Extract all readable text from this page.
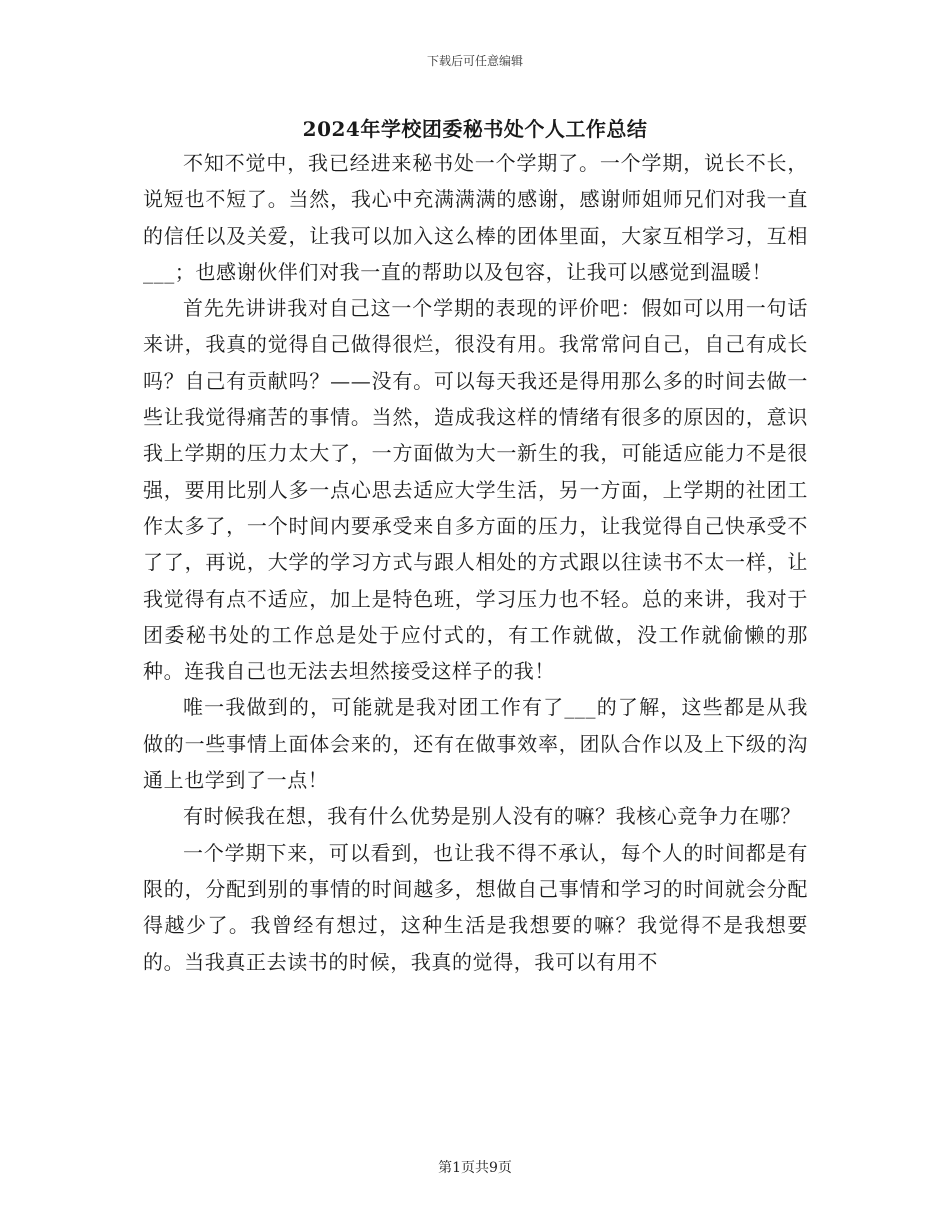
下载后可任意编辑
2024年学校团委秘书处个人工作总结

不知不觉中，我已经进来秘书处一个学期了。一个学期，说长不长，说短也不短了。当然，我心中充满满满的感谢，感谢师姐师兄们对我一直的信任以及关爱，让我可以加入这么棒的团体里面，大家互相学习，互相___；也感谢伙伴们对我一直的帮助以及包容，让我可以感觉到温暖！

首先先讲讲我对自己这一个学期的表现的评价吧：假如可以用一句话来讲，我真的觉得自己做得很烂，很没有用。我常常问自己，自己有成长吗？自己有贡献吗？——没有。可以每天我还是得用那么多的时间去做一些让我觉得痛苦的事情。当然，造成我这样的情绪有很多的原因的，意识我上学期的压力太大了，一方面做为大一新生的我，可能适应能力不是很强，要用比别人多一点心思去适应大学生活，另一方面，上学期的社团工作太多了，一个时间内要承受来自多方面的压力，让我觉得自己快承受不了了，再说，大学的学习方式与跟人相处的方式跟以往读书不太一样，让我觉得有点不适应，加上是特色班，学习压力也不轻。总的来讲，我对于团委秘书处的工作总是处于应付式的，有工作就做，没工作就偷懒的那种。连我自己也无法去坦然接受这样子的我！

唯一我做到的，可能就是我对团工作有了___的了解，这些都是从我做的一些事情上面体会来的，还有在做事效率，团队合作以及上下级的沟通上也学到了一点！

有时候我在想，我有什么优势是别人没有的嘛？我核心竞争力在哪？

一个学期下来，可以看到，也让我不得不承认，每个人的时间都是有限的，分配到别的事情的时间越多，想做自己事情和学习的时间就会分配得越少了。我曾经有想过，这种生活是我想要的嘛？我觉得不是我想要的。当我真正去读书的时候，我真的觉得，我可以有用不

第1页共9页
